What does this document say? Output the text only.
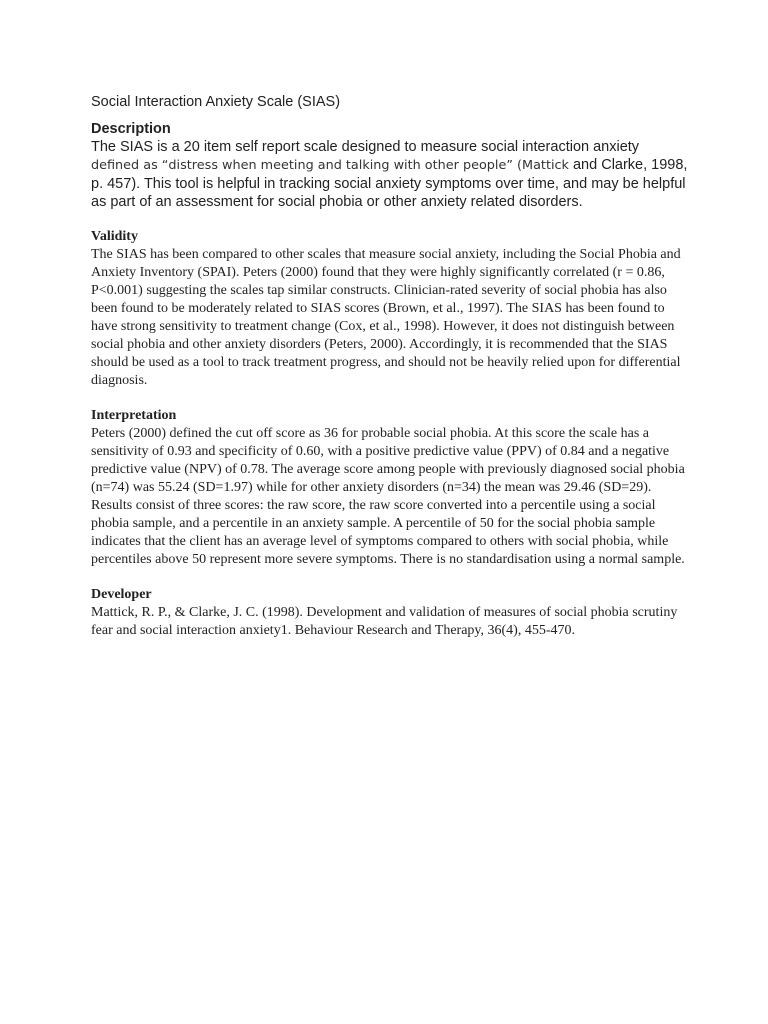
Social Interaction Anxiety Scale (SIAS)
Description

The SIAS is a 20 item self report scale designed to measure social interaction anxiety defined as “distress when meeting and talking with other people” (Mattick and Clarke, 1998, p. 457). This tool is helpful in tracking social anxiety symptoms over time, and may be helpful as part of an assessment for social phobia or other anxiety related disorders.

Validity

The SIAS has been compared to other scales that measure social anxiety, including the Social Phobia and Anxiety Inventory (SPAI). Peters (2000) found that they were highly significantly correlated (r = 0.86, P<0.001) suggesting the scales tap similar constructs. Clinician-rated severity of social phobia has also been found to be moderately related to SIAS scores (Brown, et al., 1997). The SIAS has been found to have strong sensitivity to treatment change (Cox, et al., 1998). However, it does not distinguish between social phobia and other anxiety disorders (Peters, 2000). Accordingly, it is recommended that the SIAS should be used as a tool to track treatment progress, and should not be heavily relied upon for differential diagnosis.

Interpretation

Peters (2000) defined the cut off score as 36 for probable social phobia. At this score the scale has a sensitivity of 0.93 and specificity of 0.60, with a positive predictive value (PPV) of 0.84 and a negative predictive value (NPV) of 0.78. The average score among people with previously diagnosed social phobia (n=74) was 55.24 (SD=1.97) while for other anxiety disorders (n=34) the mean was 29.46 (SD=29).

Results consist of three scores: the raw score, the raw score converted into a percentile using a social phobia sample, and a percentile in an anxiety sample. A percentile of 50 for the social phobia sample indicates that the client has an average level of symptoms compared to others with social phobia, while percentiles above 50 represent more severe symptoms. There is no standardisation using a normal sample.

Developer

Mattick, R. P., & Clarke, J. C. (1998). Development and validation of measures of social phobia scrutiny fear and social interaction anxiety1. Behaviour Research and Therapy, 36(4), 455-470.
